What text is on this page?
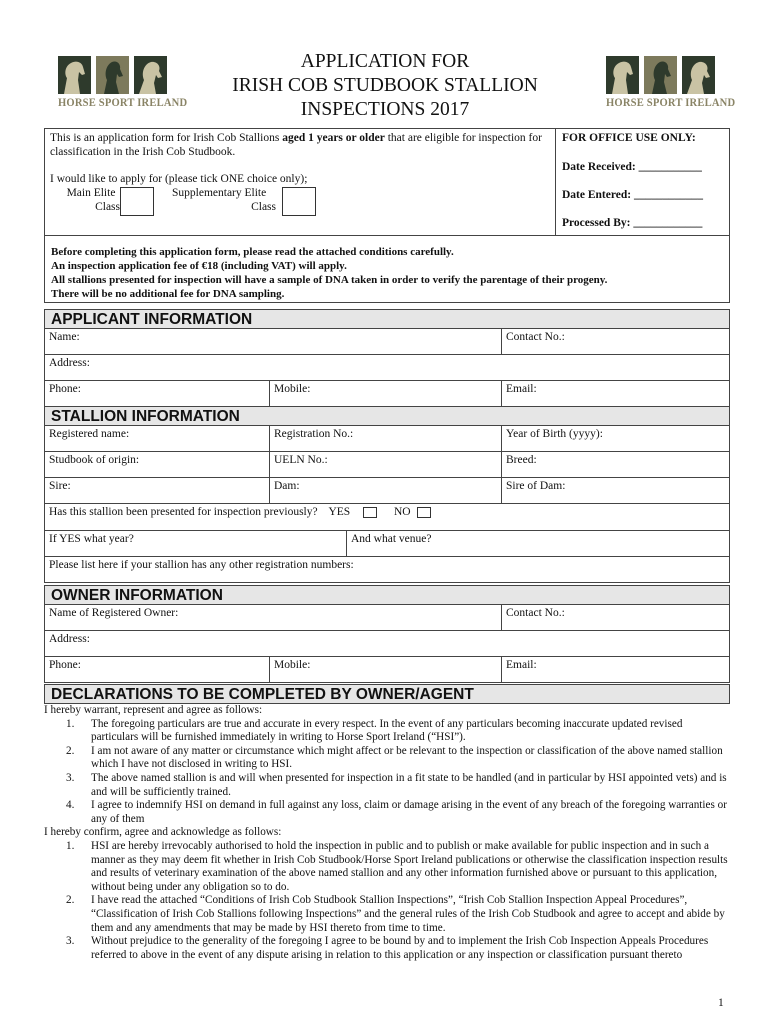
HORSE SPORT IRELAND	HORSE SPORT IRELAND
APPLICATION FOR
IRISH COB STUDBOOK STALLION
INSPECTIONS 2017
This is an application form for Irish Cob Stallions aged 1 years or older that are eligible for inspection for classification in the Irish Cob Studbook.
I would like to apply for (please tick ONE choice only);
Main Elite
Class
Supplementary Elite
Class
FOR OFFICE USE ONLY:
Date Received: ___________
Date Entered: ____________
Processed By: ____________
Before completing this application form, please read the attached conditions carefully.
An inspection application fee of €18 (including VAT) will apply.
All stallions presented for inspection will have a sample of DNA taken in order to verify the parentage of their progeny.
There will be no additional fee for DNA sampling.
APPLICANT INFORMATION
Name:	Contact No.:
Address:
Phone:	Mobile:	Email:
STALLION INFORMATION
Registered name:	Registration No.:	Year of Birth (yyyy):
Studbook of origin:	UELN No.:	Breed:
Sire:	Dam:	Sire of Dam:
Has this stallion been presented for inspection previously? YES	NO
If YES what year?	And what venue?
Please list here if your stallion has any other registration numbers:
OWNER INFORMATION
Name of Registered Owner:	Contact No.:
Address:
Phone:	Mobile:	Email:
DECLARATIONS TO BE COMPLETED BY OWNER/AGENT
I hereby warrant, represent and agree as follows:
1. The foregoing particulars are true and accurate in every respect. In the event of any particulars becoming inaccurate updated revised particulars will be furnished immediately in writing to Horse Sport Ireland (“HSI”).
2. I am not aware of any matter or circumstance which might affect or be relevant to the inspection or classification of the above named stallion which I have not disclosed in writing to HSI.
3. The above named stallion is and will when presented for inspection in a fit state to be handled (and in particular by HSI appointed vets) and is and will be sufficiently trained.
4. I agree to indemnify HSI on demand in full against any loss, claim or damage arising in the event of any breach of the foregoing warranties or any of them
I hereby confirm, agree and acknowledge as follows:
1. HSI are hereby irrevocably authorised to hold the inspection in public and to publish or make available for public inspection and in such a manner as they may deem fit whether in Irish Cob Studbook/Horse Sport Ireland publications or otherwise the classification inspection results and results of veterinary examination of the above named stallion and any other information furnished above or pursuant to this application, without being under any obligation so to do.
2. I have read the attached “Conditions of Irish Cob Studbook Stallion Inspections”, “Irish Cob Stallion Inspection Appeal Procedures”, “Classification of Irish Cob Stallions following Inspections” and the general rules of the Irish Cob Studbook and agree to accept and abide by them and any amendments that may be made by HSI thereto from time to time.
3. Without prejudice to the generality of the foregoing I agree to be bound by and to implement the Irish Cob Inspection Appeals Procedures referred to above in the event of any dispute arising in relation to this application or any inspection or classification pursuant thereto
1
